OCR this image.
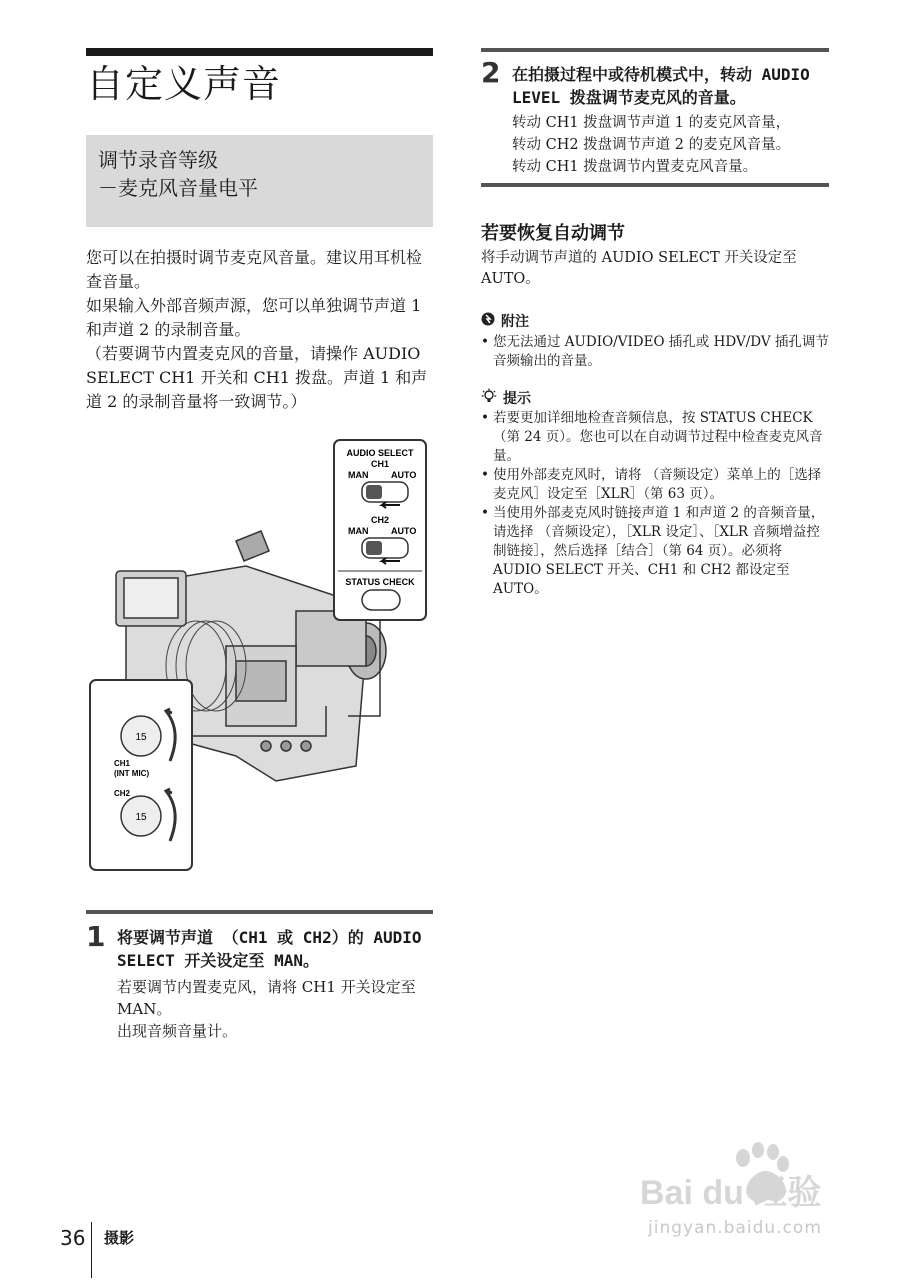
自定义声音
调节录音等级
－麦克风音量电平

您可以在拍摄时调节麦克风音量。建议用耳机检查音量。

如果输入外部音频声源，您可以单独调节声道 1 和声道 2 的录制音量。

（若要调节内置麦克风的音量，请操作 AUDIO SELECT CH1 开关和 CH1 拨盘。声道 1 和声道 2 的录制音量将一致调节。）

AUDIO SELECT
CH1
MAN	AUTO
CH2
MAN	AUTO
STATUS CHECK
15
15
CH1
(INT MIC)
CH2
1 将要调节声道 （CH1 或 CH2）的 AUDIO SELECT 开关设定至 MAN。

若要调节内置麦克风，请将 CH1 开关设定至 MAN。

出现音频音量计。

2 在拍摄过程中或待机模式中，转动 AUDIO LEVEL 拨盘调节麦克风的音量。

转动 CH1 拨盘调节声道 1 的麦克风音量，

转动 CH2 拨盘调节声道 2 的麦克风音量。

转动 CH1 拨盘调节内置麦克风音量。

若要恢复自动调节
将手动调节声道的 AUDIO SELECT 开关设定至 AUTO。
附注
• 您无法通过 AUDIO/VIDEO 插孔或 HDV/DV 插孔调节音频输出的音量。
提示
• 若要更加详细地检查音频信息，按 STATUS CHECK（第 24 页）。您也可以在自动调节过程中检查麦克风音量。
• 使用外部麦克风时，请将 （音频设定）菜单上的［选择麦克风］设定至［XLR］（第 63 页）。
• 当使用外部麦克风时链接声道 1 和声道 2 的音频音量，请选择 （音频设定），［XLR 设定］、［XLR 音频增益控制链接］，然后选择［结合］（第 64 页）。必须将 AUDIO SELECT 开关、CH1 和 CH2 都设定至 AUTO。
Bai du 经验
jingyan.baidu.com
36 摄影
